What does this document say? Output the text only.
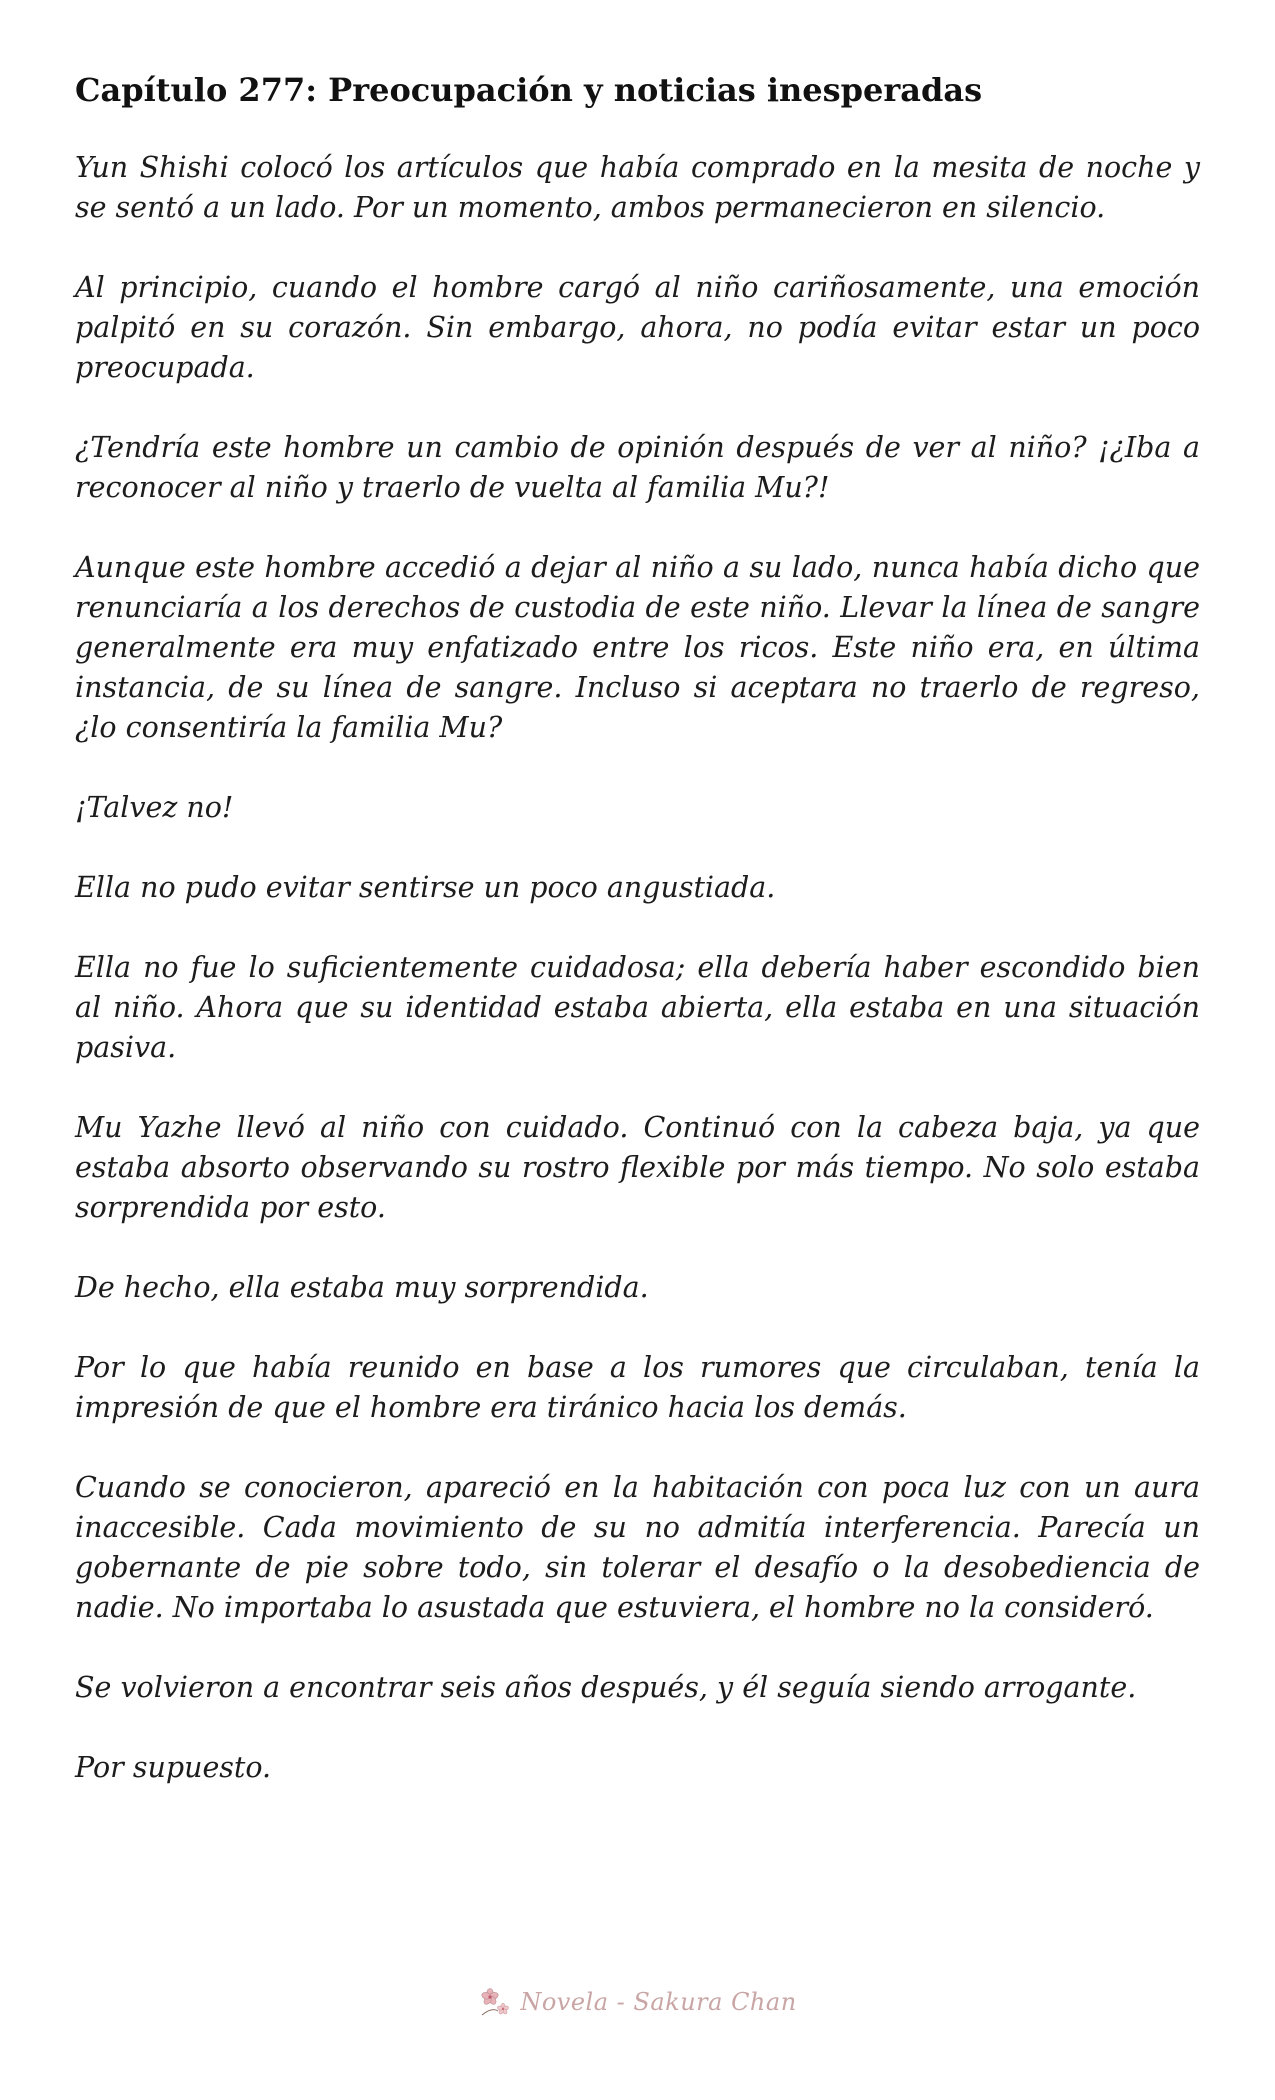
Capítulo 277: Preocupación y noticias inesperadas

Yun Shishi colocó los artículos que había comprado en la mesita de noche y se sentó a un lado. Por un momento, ambos permanecieron en silencio.

Al principio, cuando el hombre cargó al niño cariñosamente, una emoción palpitó en su corazón. Sin embargo, ahora, no podía evitar estar un poco preocupada.

¿Tendría este hombre un cambio de opinión después de ver al niño? ¡¿Iba a reconocer al niño y traerlo de vuelta al familia Mu?!

Aunque este hombre accedió a dejar al niño a su lado, nunca había dicho que renunciaría a los derechos de custodia de este niño. Llevar la línea de sangre generalmente era muy enfatizado entre los ricos. Este niño era, en última instancia, de su línea de sangre. Incluso si aceptara no traerlo de regreso, ¿lo consentiría la familia Mu?

¡Talvez no!

Ella no pudo evitar sentirse un poco angustiada.

Ella no fue lo suficientemente cuidadosa; ella debería haber escondido bien al niño. Ahora que su identidad estaba abierta, ella estaba en una situación pasiva.

Mu Yazhe llevó al niño con cuidado. Continuó con la cabeza baja, ya que estaba absorto observando su rostro flexible por más tiempo. No solo estaba sorprendida por esto.

De hecho, ella estaba muy sorprendida.

Por lo que había reunido en base a los rumores que circulaban, tenía la impresión de que el hombre era tiránico hacia los demás.

Cuando se conocieron, apareció en la habitación con poca luz con un aura inaccesible. Cada movimiento de su no admitía interferencia. Parecía un gobernante de pie sobre todo, sin tolerar el desafío o la desobediencia de nadie. No importaba lo asustada que estuviera, el hombre no la consideró.

Se volvieron a encontrar seis años después, y él seguía siendo arrogante.

Por supuesto.

Novela - Sakura Chan
